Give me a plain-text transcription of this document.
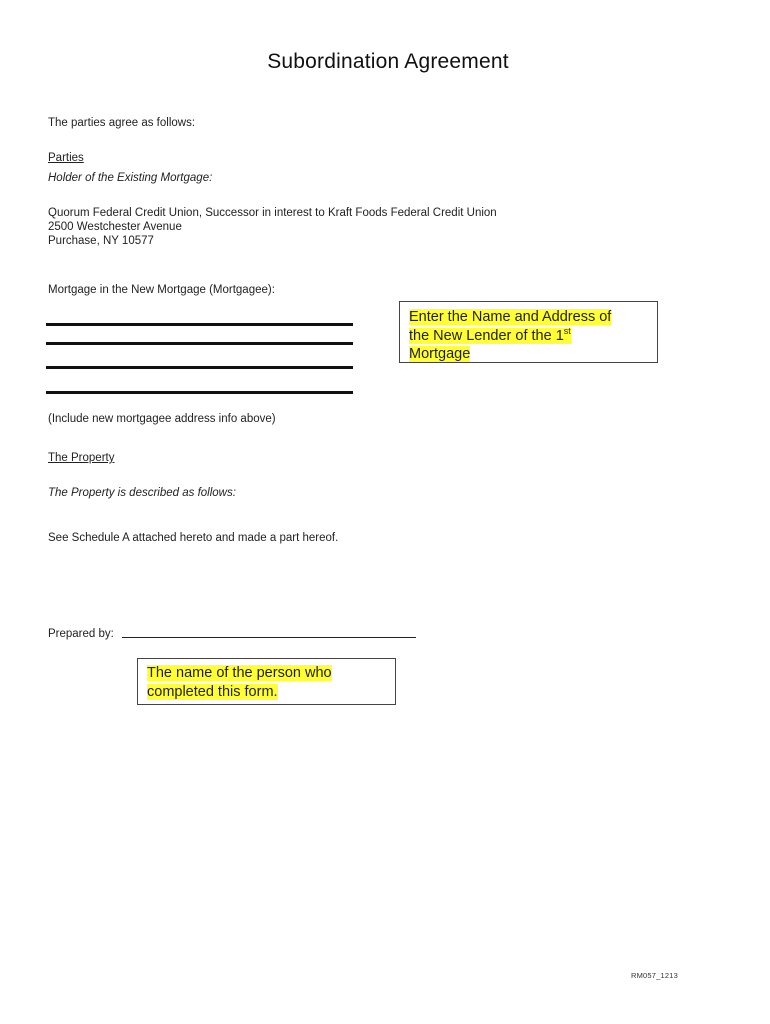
Subordination Agreement
The parties agree as follows:
Parties
Holder of the Existing Mortgage:
Quorum Federal Credit Union, Successor in interest to Kraft Foods Federal Credit Union
2500 Westchester Avenue
Purchase, NY 10577
Mortgage in the New Mortgage (Mortgagee):
Enter the Name and Address of
the New Lender of the 1st
Mortgage
(Include new mortgagee address info above)
The Property
The Property is described as follows:
See Schedule A attached hereto and made a part hereof.
Prepared by:
The name of the person who
completed this form.
RM057_1213
